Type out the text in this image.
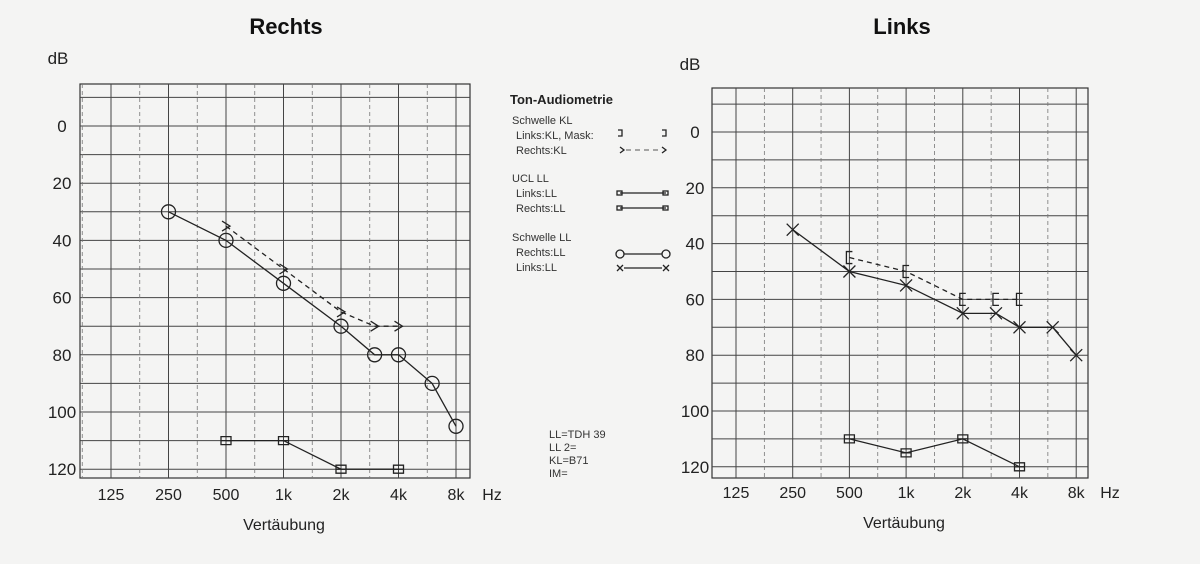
Rechts
dB
0
20
40
60
80
100
120
125 250 500 1k	2k	4k	8k Hz
Vertäubung
Links
dB
0
20
40
60
80
100
120
125 250 500 1k 2k 4k 8k Hz
Vertäubung
Ton-Audiometrie
Schwelle KL
Links:KL, Mask:
Rechts:KL
UCL LL
Links:LL
Rechts:LL
Schwelle LL
Rechts:LL
Links:LL
LL=TDH 39
LL 2=
KL=B71
IM=
